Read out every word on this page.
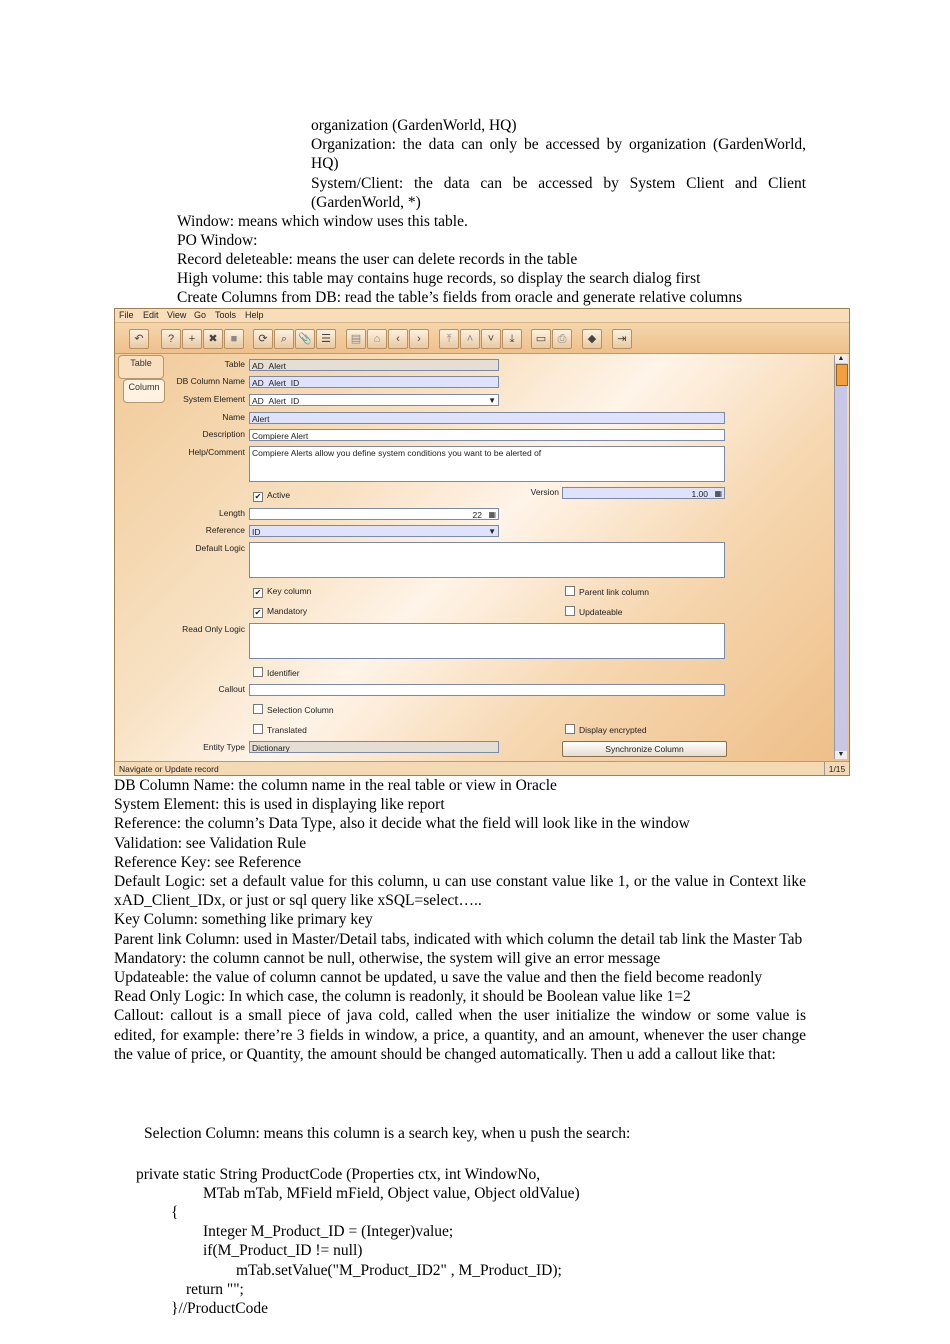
organization (GardenWorld, HQ)

Organization: the data can only be accessed by organization (GardenWorld, HQ)

System/Client: the data can be accessed by System Client and Client (GardenWorld, *)

Window: means which window uses this table.
PO Window:
Record deleteable: means the user can delete records in the table
High volume: this table may contains huge records, so display the search dialog first
Create Columns from DB: read the table’s fields from oracle and generate relative columns
File Edit View Go Tools Help
↶	?	+	✖	■	⟳	⌕	📎 ☰	▤	⌂	‹	›	⤒	˄	˅	⤓	▭	⎙	◆	⇥
Table
Column
Table AD_Alert
DB Column Name AD_Alert_ID
System Element AD_Alert_ID	▼
Name Alert
Description Compiere Alert
Help/Comment Compiere Alerts allow you define system conditions you want to be alerted of
✔ Active	Version	1.00 ▦
Length	22 ▦
Reference ID	▼
Default Logic
✔ Key column	Parent link column
✔ Mandatory	Updateable
Read Only Logic
Identifier
Callout
Selection Column
Translated	Display encrypted
Entity Type Dictionary	Synchronize Column
▲
▼
Navigate or Update record	1/15

DB Column Name: the column name in the real table or view in Oracle

System Element: this is used in displaying like report

Reference: the column’s Data Type, also it decide what the field will look like in the window

Validation: see Validation Rule

Reference Key: see Reference

Default Logic: set a default value for this column, u can use constant value like 1, or the value in Context like xAD_Client_IDx, or just or sql query like xSQL=select…..

Key Column: something like primary key

Parent link Column: used in Master/Detail tabs, indicated with which column the detail tab link the Master Tab

Mandatory: the column cannot be null, otherwise, the system will give an error message

Updateable: the value of column cannot be updated, u save the value and then the field become readonly

Read Only Logic: In which case, the column is readonly, it should be Boolean value like 1=2

Callout: callout is a small piece of java cold, called when the user initialize the window or some value is edited, for example: there’re 3 fields in window, a price, a quantity, and an amount, whenever the user change the value of price, or Quantity, the amount should be changed automatically. Then u add a callout like that:

Selection Column: means this column is a search key, when u push the search:
private static String ProductCode (Properties ctx, int WindowNo,
MTab mTab, MField mField, Object value, Object oldValue)
{
Integer M_Product_ID = (Integer)value;
if(M_Product_ID != null)
mTab.setValue("M_Product_ID2" , M_Product_ID);
return "";
}//ProductCode
